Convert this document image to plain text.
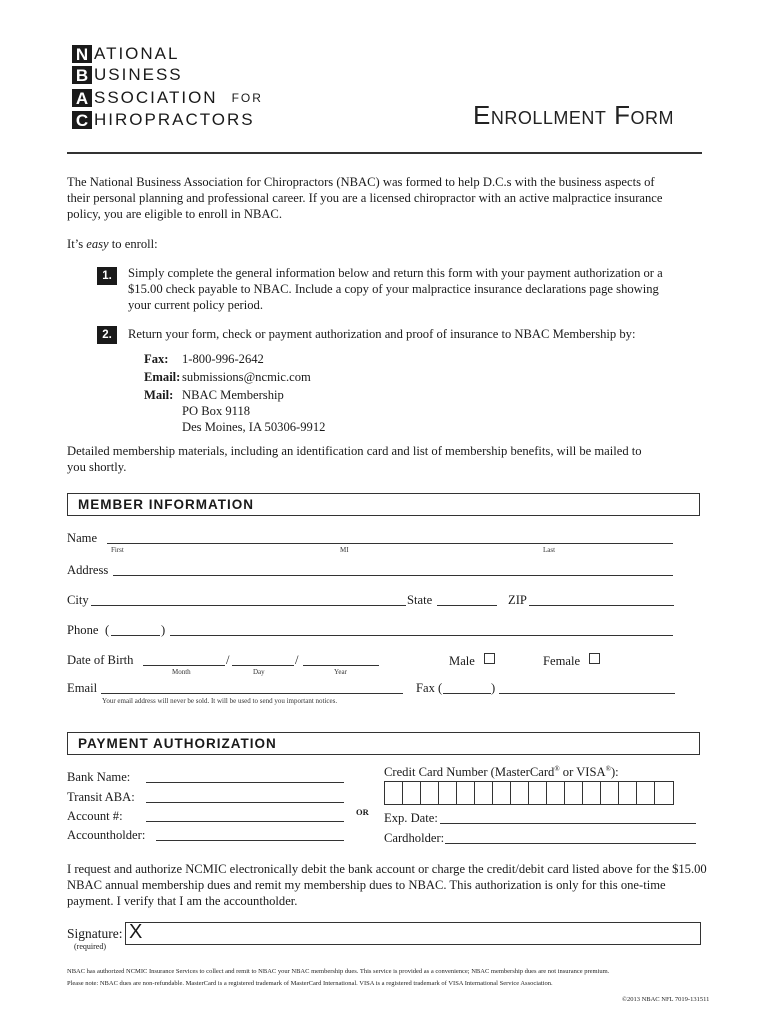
N ATIONAL
B USINESS
A SSOCIATION FOR
C HIROPRACTORS	Enrollment Form
The National Business Association for Chiropractors (NBAC) was formed to help D.C.s with the business aspects of their personal planning and professional career. If you are a licensed chiropractor with an active malpractice insurance policy, you are eligible to enroll in NBAC.
It’s easy to enroll:
1.	Simply complete the general information below and return this form with your payment authorization or a $15.00 check payable to NBAC. Include a copy of your malpractice insurance declarations page showing your current policy period.
2.	Return your form, check or payment authorization and proof of insurance to NBAC Membership by:
Fax: 1-800-996-2642
Email: submissions@ncmic.com
Mail: NBAC Membership
PO Box 9118
Des Moines, IA 50306-9912
Detailed membership materials, including an identification card and list of membership benefits, will be mailed to you shortly.
MEMBER INFORMATION
Name
First	MI	Last
Address
City	State	ZIP
Phone (	)
Date of Birth	/	/
Month	Day	Year
Male	Female
Email
Your email address will never be sold. It will be used to send you important notices.
Fax (	)
PAYMENT AUTHORIZATION
Bank Name:
Transit ABA:
Account #:
Accountholder:
OR
Credit Card Number (MasterCard® or VISA®):
Exp. Date:
Cardholder:
I request and authorize NCMIC electronically debit the bank account or charge the credit/debit card listed above for the $15.00 NBAC annual membership dues and remit my membership dues to NBAC. This authorization is only for this one-time payment. I verify that I am the accountholder.
Signature:
(required)
X
NBAC has authorized NCMIC Insurance Services to collect and remit to NBAC your NBAC membership dues. This service is provided as a convenience; NBAC membership dues are not insurance premium.
Please note: NBAC dues are non-refundable. MasterCard is a registered trademark of MasterCard International. VISA is a registered trademark of VISA International Service Association.
©2013 NBAC NFL 7019-131511
